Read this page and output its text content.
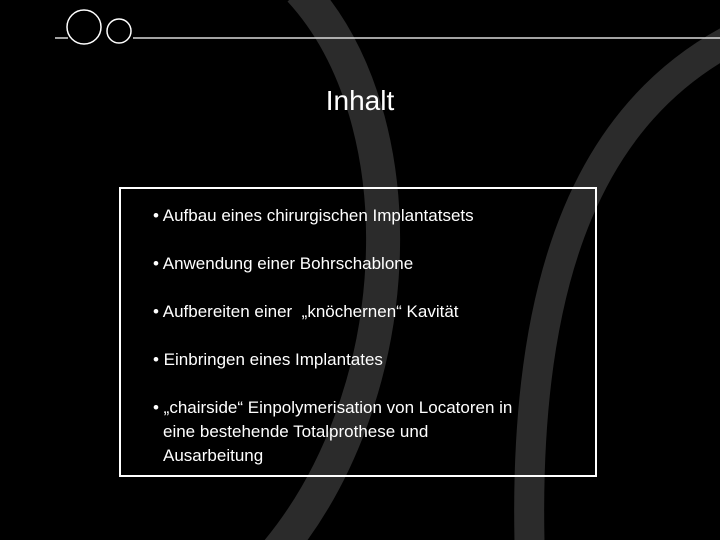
Inhalt
• Aufbau eines chirurgischen Implantatsets
• Anwendung einer Bohrschablone
• Aufbereiten einer  „knöchernen“ Kavität
• Einbringen eines Implantates
• „chairside“ Einpolymerisation von Locatoren in
eine bestehende Totalprothese und
Ausarbeitung
